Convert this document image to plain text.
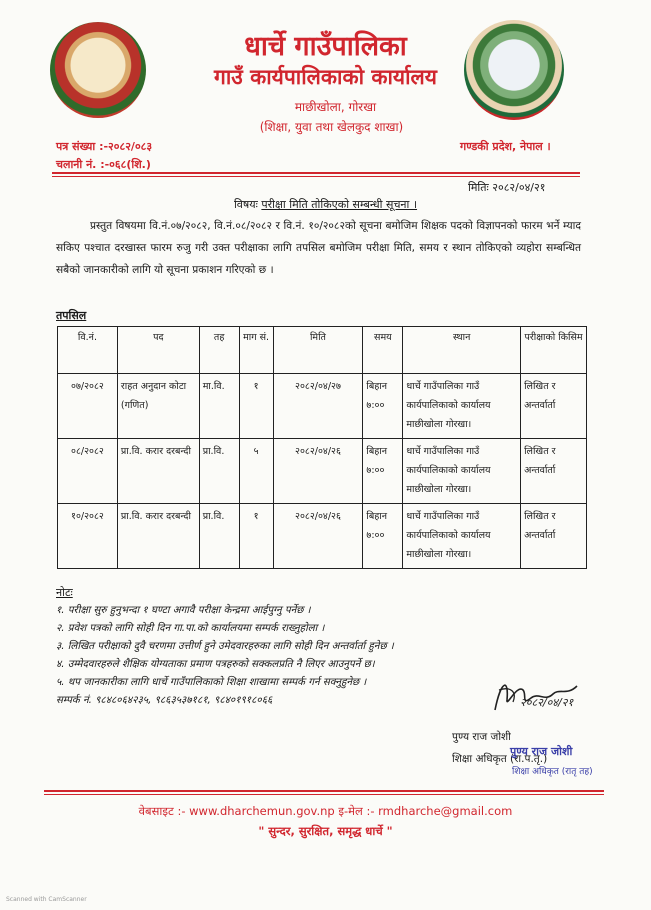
धार्चे गाउँपालिका
गाउँ कार्यपालिकाको कार्यालय
माछीखोला, गोरखा
(शिक्षा, युवा तथा खेलकुद शाखा)
पत्र संख्या :-२०८२/०८३
चलानी नं. :-०६८(शि.)
गण्डकी प्रदेश, नेपाल ।
मितिः २०८२/०४/२१
विषयः परीक्षा मिति तोकिएको सम्बन्धी सूचना ।
प्रस्तुत विषयमा वि.नं.०७/२०८२, वि.नं.०८/२०८२ र वि.नं. १०/२०८२को सूचना बमोजिम शिक्षक पदको विज्ञापनको फारम भर्ने म्याद सकिए पश्चात दरखास्त फारम रुजु गरी उक्त परीक्षाका लागि तपसिल बमोजिम परीक्षा मिति, समय र स्थान तोकिएको व्यहोरा सम्बन्धित सबैको जानकारीको लागि यो सूचना प्रकाशन गरिएको छ ।
तपसिल
वि.नं.	पद	तह	माग सं.	मिति	समय	स्थान	परीक्षाको किसिम
०७/२०८२	राहत अनुदान कोटा (गणित)	मा.वि.	१	२०८२/०४/२७	बिहान ७:००	धार्चे गाउँपालिका गाउँ कार्यपालिकाको कार्यालय माछीखोला गोरखा।	लिखित र अन्तर्वार्ता
०८/२०८२	प्रा.वि. करार दरबन्दी	प्रा.वि.	५	२०८२/०४/२६	बिहान ७:००	धार्चे गाउँपालिका गाउँ कार्यपालिकाको कार्यालय माछीखोला गोरखा।	लिखित र अन्तर्वार्ता
१०/२०८२	प्रा.वि. करार दरबन्दी	प्रा.वि.	१	२०८२/०४/२६	बिहान ७:००	धार्चे गाउँपालिका गाउँ कार्यपालिकाको कार्यालय माछीखोला गोरखा।	लिखित र अन्तर्वार्ता
नोटः
१. परीक्षा सुरु हुनुभन्दा १ घण्टा अगावै परीक्षा केन्द्रमा आईपुग्नु पर्नेछ ।
२. प्रवेश पत्रको लागि सोही दिन गा.पा.को कार्यालयमा सम्पर्क राख्नुहोला ।
३. लिखित परीक्षाको दुवै चरणमा उत्तीर्ण हुने उमेदवारहरुका लागि सोही दिन अन्तर्वार्ता हुनेछ ।
४. उम्मेदवारहरुले शैक्षिक योग्यताका प्रमाण पत्रहरुको सक्कलप्रति नै लिएर आउनुपर्ने छ।
५. थप जानकारीका लागि धार्चे गाउँपालिकाको शिक्षा शाखामा सम्पर्क गर्न सक्नुहुनेछ ।
सम्पर्क नं. ९८४८०६४२३५, ९८६३५३७१८१, ९८४०१९१८०६६	२०८२/०४/२१
पुण्य राज जोशी
शिक्षा अधिकृत (रा.प.तृ.)
पुण्य राज जोशी
शिक्षा अधिकृत (रातृ तह)
वेबसाइट :- www.dharchemun.gov.np इ-मेल :- rmdharche@gmail.com
" सुन्दर, सुरक्षित, समृद्ध धार्चे "
Scanned with CamScanner
